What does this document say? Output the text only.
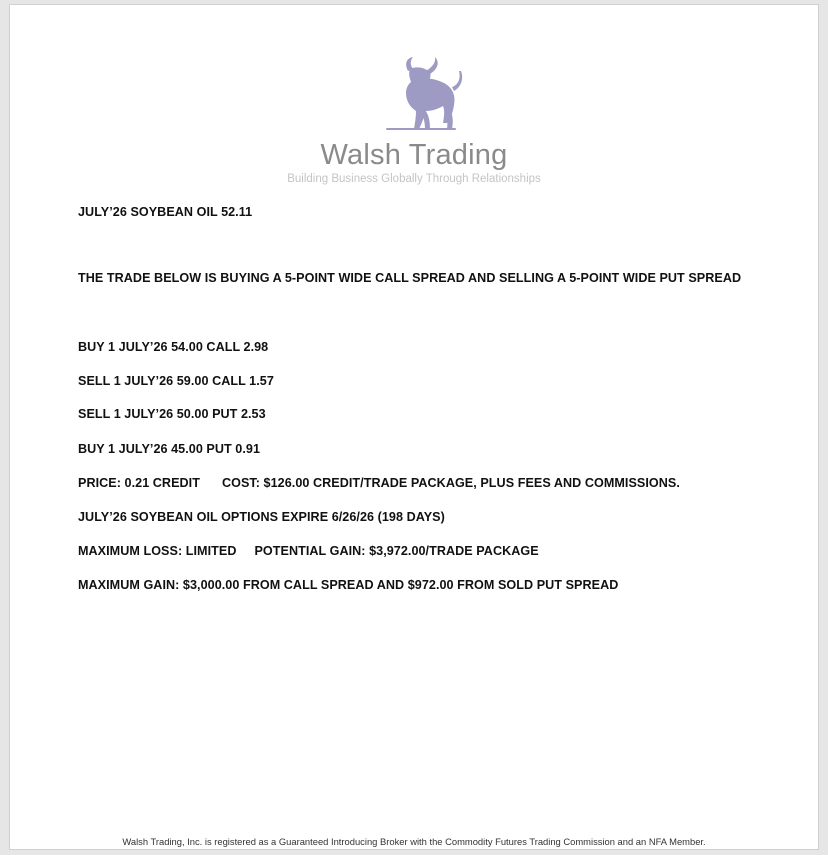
Walsh Trading
Building Business Globally Through Relationships
JULY’26 SOYBEAN OIL 52.11
THE TRADE BELOW IS BUYING A 5-POINT WIDE CALL SPREAD AND SELLING A 5-POINT WIDE PUT SPREAD
BUY 1 JULY’26 54.00 CALL 2.98
SELL 1 JULY’26 59.00 CALL 1.57
SELL 1 JULY’26 50.00 PUT 2.53
BUY 1 JULY’26 45.00 PUT 0.91
PRICE: 0.21 CREDIT COST: $126.00 CREDIT/TRADE PACKAGE, PLUS FEES AND COMMISSIONS.
JULY’26 SOYBEAN OIL OPTIONS EXPIRE 6/26/26 (198 DAYS)
MAXIMUM LOSS: LIMITED POTENTIAL GAIN: $3,972.00/TRADE PACKAGE
MAXIMUM GAIN: $3,000.00 FROM CALL SPREAD AND $972.00 FROM SOLD PUT SPREAD
Walsh Trading, Inc. is registered as a Guaranteed Introducing Broker with the Commodity Futures Trading Commission and an NFA Member.
